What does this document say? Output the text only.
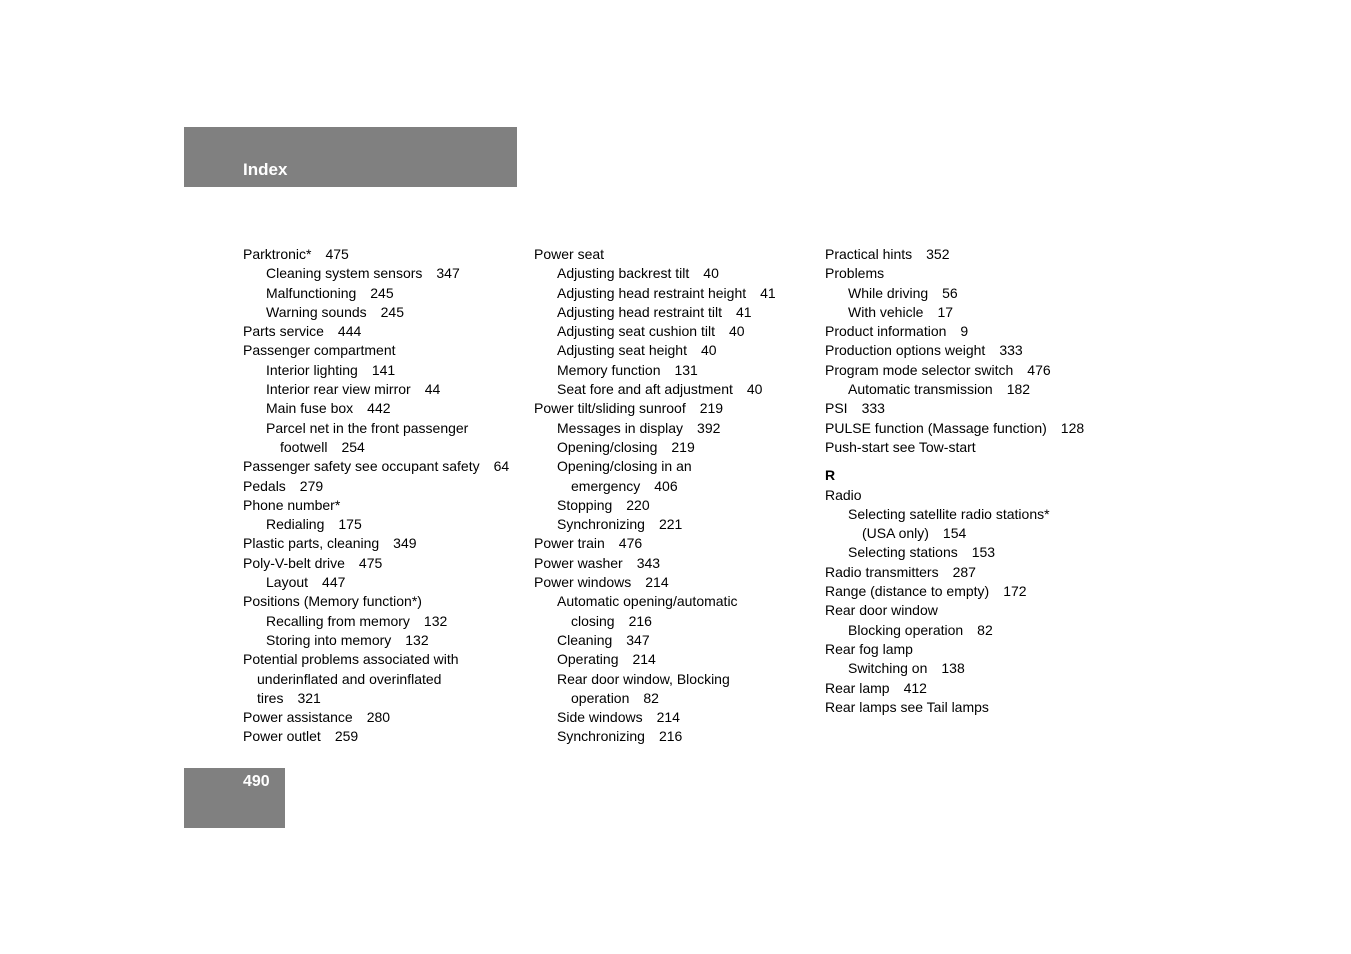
Index
Parktronic* 475
Cleaning system sensors 347
Malfunctioning 245
Warning sounds 245
Parts service 444
Passenger compartment
Interior lighting 141
Interior rear view mirror 44
Main fuse box 442
Parcel net in the front passenger
footwell 254
Passenger safety see occupant safety 64
Pedals 279
Phone number*
Redialing 175
Plastic parts, cleaning 349
Poly-V-belt drive 475
Layout 447
Positions (Memory function*)
Recalling from memory 132
Storing into memory 132
Potential problems associated with
underinflated and overinflated
tires 321
Power assistance 280
Power outlet 259
Power seat
Adjusting backrest tilt 40
Adjusting head restraint height 41
Adjusting head restraint tilt 41
Adjusting seat cushion tilt 40
Adjusting seat height 40
Memory function 131
Seat fore and aft adjustment 40
Power tilt/sliding sunroof 219
Messages in display 392
Opening/closing 219
Opening/closing in an
emergency 406
Stopping 220
Synchronizing 221
Power train 476
Power washer 343
Power windows 214
Automatic opening/automatic
closing 216
Cleaning 347
Operating 214
Rear door window, Blocking
operation 82
Side windows 214
Synchronizing 216
Practical hints 352
Problems
While driving 56
With vehicle 17
Product information 9
Production options weight 333
Program mode selector switch 476
Automatic transmission 182
PSI 333
PULSE function (Massage function) 128
Push-start see Tow-start
R
Radio
Selecting satellite radio stations*
(USA only) 154
Selecting stations 153
Radio transmitters 287
Range (distance to empty) 172
Rear door window
Blocking operation 82
Rear fog lamp
Switching on 138
Rear lamp 412
Rear lamps see Tail lamps
490
